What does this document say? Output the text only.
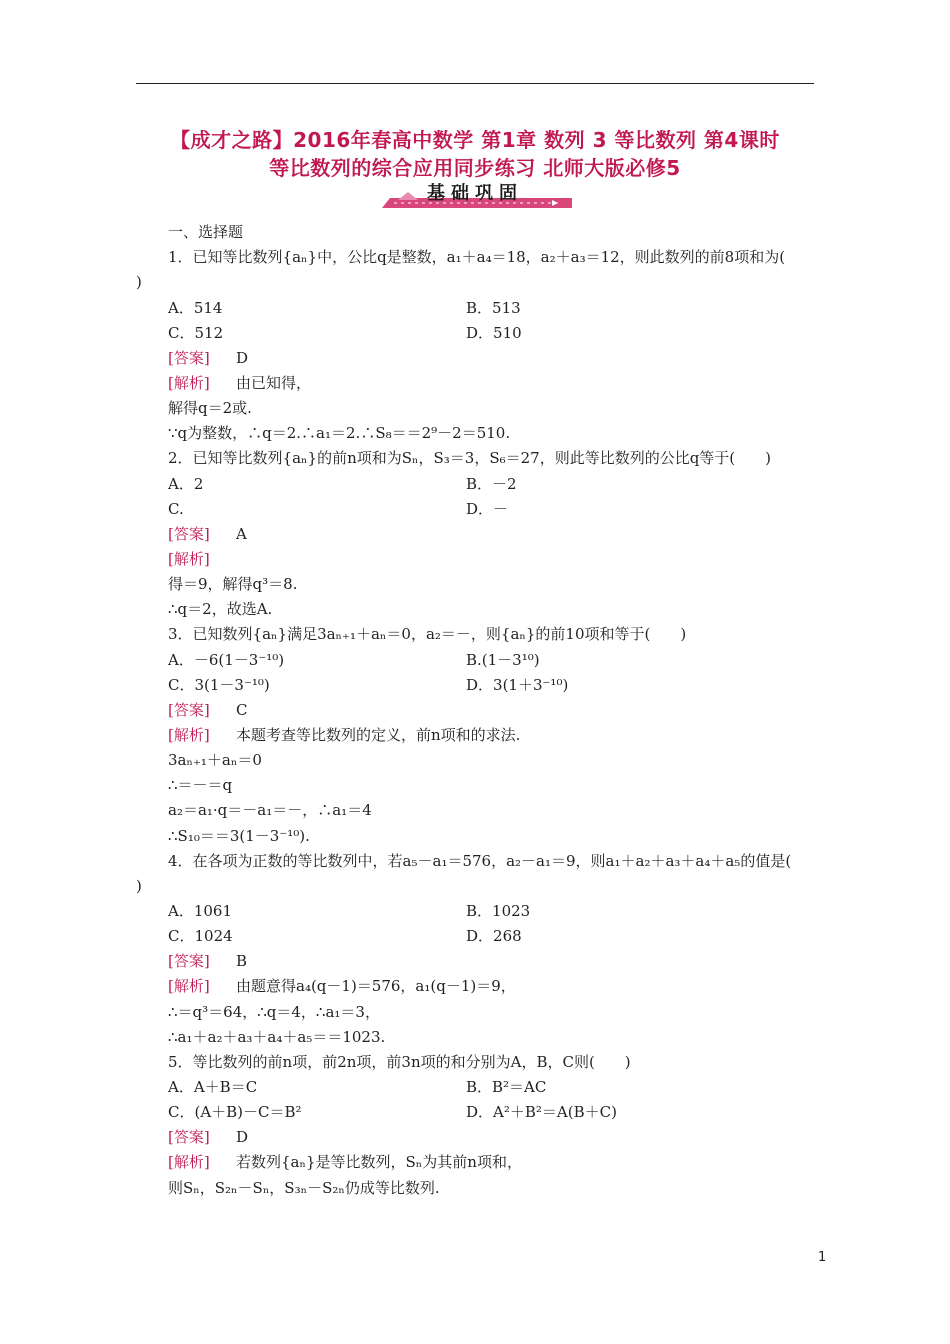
【成才之路】2016年春高中数学 第1章 数列 3 等比数列 第4课时
等比数列的综合应用同步练习 北师大版必修5
基础巩固
一、选择题
1．已知等比数列{aₙ}中，公比q是整数，a₁＋a₄＝18，a₂＋a₃＝12，则此数列的前8项和为(
)
A．514	B．513
C．512	D．510
[答案] D
[解析] 由已知得，
解得q＝2或.
∵q为整数，∴q＝2.∴a₁＝2.∴S₈＝＝2⁹－2＝510.
2．已知等比数列{aₙ}的前n项和为Sₙ，S₃＝3，S₆＝27，则此等比数列的公比q等于(　　)
A．2	B．－2
C.	D．－
[答案] A
[解析]
得＝9，解得q³＝8.
∴q＝2，故选A.
3．已知数列{aₙ}满足3aₙ₊₁＋aₙ＝0，a₂＝－，则{aₙ}的前10项和等于(　　)
A．－6(1－3⁻¹⁰)	B.(1－3¹⁰)
C．3(1－3⁻¹⁰)	D．3(1＋3⁻¹⁰)
[答案] C
[解析] 本题考查等比数列的定义，前n项和的求法.
3aₙ₊₁＋aₙ＝0
∴＝－＝q
a₂＝a₁·q＝－a₁＝－，∴a₁＝4
∴S₁₀＝＝3(1－3⁻¹⁰).
4．在各项为正数的等比数列中，若a₅－a₁＝576，a₂－a₁＝9，则a₁＋a₂＋a₃＋a₄＋a₅的值是(
)
A．1061	B．1023
C．1024	D．268
[答案] B
[解析] 由题意得a₄(q－1)＝576，a₁(q－1)＝9，
∴＝q³＝64，∴q＝4，∴a₁＝3，
∴a₁＋a₂＋a₃＋a₄＋a₅＝＝1023.
5．等比数列的前n项，前2n项，前3n项的和分别为A，B，C则(　　)
A．A＋B＝C	B．B²＝AC
C．(A＋B)－C＝B²	D．A²＋B²＝A(B＋C)
[答案] D
[解析] 若数列{aₙ}是等比数列，Sₙ为其前n项和，
则Sₙ，S₂ₙ－Sₙ，S₃ₙ－S₂ₙ仍成等比数列.
1
